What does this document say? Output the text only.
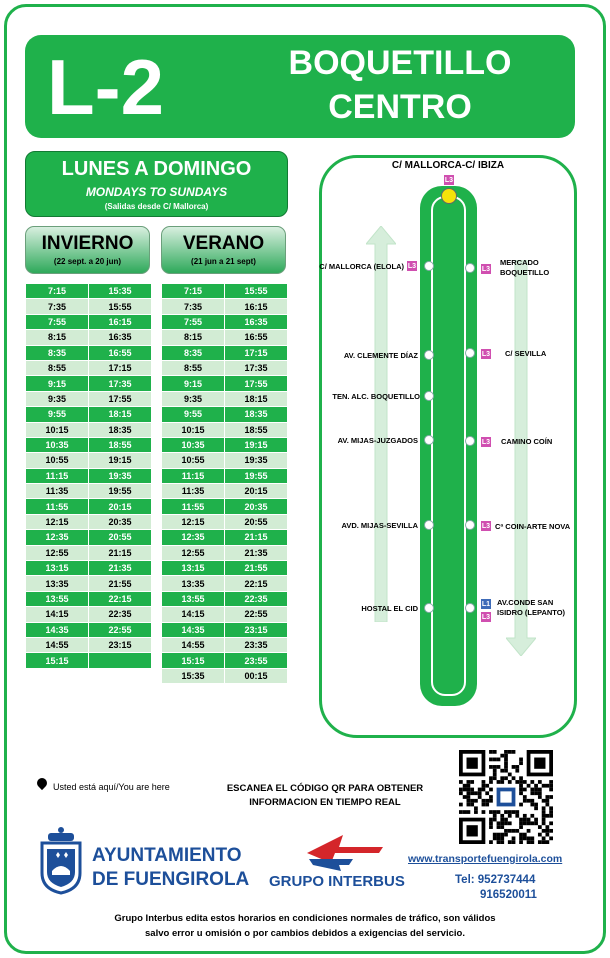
L-2	BOQUETILLO
CENTRO
LUNES A DOMINGO
MONDAYS TO SUNDAYS
(Salidas desde C/ Mallorca)
INVIERNO
(22 sept. a 20 jun)
VERANO
(21 jun a 21 sept)
7:15	15:35
7:35	15:55
7:55	16:15
8:15	16:35
8:35	16:55
8:55	17:15
9:15	17:35
9:35	17:55
9:55	18:15
10:15	18:35
10:35	18:55
10:55	19:15
11:15	19:35
11:35	19:55
11:55	20:15
12:15	20:35
12:35	20:55
12:55	21:15
13:15	21:35
13:35	21:55
13:55	22:15
14:15	22:35
14:35	22:55
14:55	23:15
15:15	
7:15	15:55
7:35	16:15
7:55	16:35
8:15	16:55
8:35	17:15
8:55	17:35
9:15	17:55
9:35	18:15
9:55	18:35
10:15	18:55
10:35	19:15
10:55	19:35
11:15	19:55
11:35	20:15
11:55	20:35
12:15	20:55
12:35	21:15
12:55	21:35
13:15	21:55
13:35	22:15
13:55	22:35
14:15	22:55
14:35	23:15
14:55	23:35
15:15	23:55
15:35	00:15
C/ MALLORCA-C/ IBIZA
L3
L3
C/ MALLORCA (ELOLA)
AV. CLEMENTE DÍAZ
TEN. ALC. BOQUETILLO
AV. MIJAS-JUZGADOS
AVD. MIJAS-SEVILLA
HOSTAL EL CID
L3
MERCADO
BOQUETILLO
L3 C/ SEVILLA
L3 CAMINO COÍN
L3 Cª COIN-ARTE NOVA
L1
L3
AV.CONDE SAN
ISIDRO (LEPANTO)
Usted está aquí/You are here	ESCANEA EL CÓDIGO QR PARA OBTENER
INFORMACION EN TIEMPO REAL
AYUNTAMIENTO
DE FUENGIROLA GRUPO INTERBUS
www.transportefuengirola.com
Tel: 952737444
916520011
Grupo Interbus edita estos horarios en condiciones normales de tráfico, son válidos
salvo error u omisión o por cambios debidos a exigencias del servicio.
